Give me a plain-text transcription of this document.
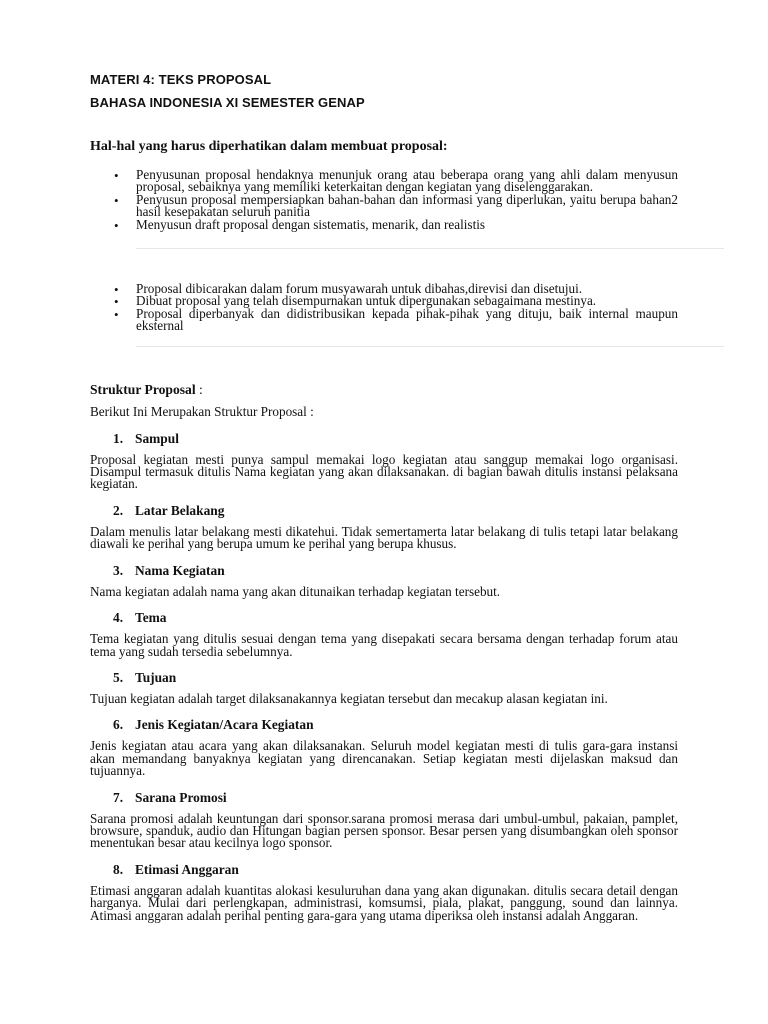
MATERI 4: TEKS PROPOSAL

BAHASA INDONESIA XI SEMESTER GENAP

Hal-hal yang harus diperhatikan dalam membuat proposal:

• Penyusunan proposal hendaknya menunjuk orang atau beberapa orang yang ahli dalam menyusun proposal, sebaiknya yang memiliki keterkaitan dengan kegiatan yang diselenggarakan.
• Penyusun proposal mempersiapkan bahan-bahan dan informasi yang diperlukan, yaitu berupa bahan2 hasil kesepakatan seluruh panitia
• Menyusun draft proposal dengan sistematis, menarik, dan realistis
• Proposal dibicarakan dalam forum musyawarah untuk dibahas,direvisi dan disetujui.
• Dibuat proposal yang telah disempurnakan untuk dipergunakan sebagaimana mestinya.
• Proposal diperbanyak dan didistribusikan kepada pihak-pihak yang dituju, baik internal maupun eksternal

Struktur Proposal :

Berikut Ini Merupakan Struktur Proposal :

1. Sampul

Proposal kegiatan mesti punya sampul memakai logo kegiatan atau sanggup memakai logo organisasi. Disampul termasuk ditulis Nama kegiatan yang akan dilaksanakan. di bagian bawah ditulis instansi pelaksana kegiatan.

2. Latar Belakang

Dalam menulis latar belakang mesti dikatehui. Tidak semertamerta latar belakang di tulis tetapi latar belakang diawali ke perihal yang berupa umum ke perihal yang berupa khusus.

3. Nama Kegiatan

Nama kegiatan adalah nama yang akan ditunaikan terhadap kegiatan tersebut.

4. Tema

Tema kegiatan yang ditulis sesuai dengan tema yang disepakati secara bersama dengan terhadap forum atau tema yang sudah tersedia sebelumnya.

5. Tujuan

Tujuan kegiatan adalah target dilaksanakannya kegiatan tersebut dan mecakup alasan kegiatan ini.

6. Jenis Kegiatan/Acara Kegiatan

Jenis kegiatan atau acara yang akan dilaksanakan. Seluruh model kegiatan mesti di tulis gara-gara instansi akan memandang banyaknya kegiatan yang direncanakan. Setiap kegiatan mesti dijelaskan maksud dan tujuannya.

7. Sarana Promosi

Sarana promosi adalah keuntungan dari sponsor.sarana promosi merasa dari umbul-umbul, pakaian, pamplet, browsure, spanduk, audio dan Hitungan bagian persen sponsor. Besar persen yang disumbangkan oleh sponsor menentukan besar atau kecilnya logo sponsor.

8. Etimasi Anggaran

Etimasi anggaran adalah kuantitas alokasi kesuluruhan dana yang akan digunakan. ditulis secara detail dengan harganya. Mulai dari perlengkapan, administrasi, komsumsi, piala, plakat, panggung, sound dan lainnya. Atimasi anggaran adalah perihal penting gara-gara yang utama diperiksa oleh instansi adalah Anggaran.
